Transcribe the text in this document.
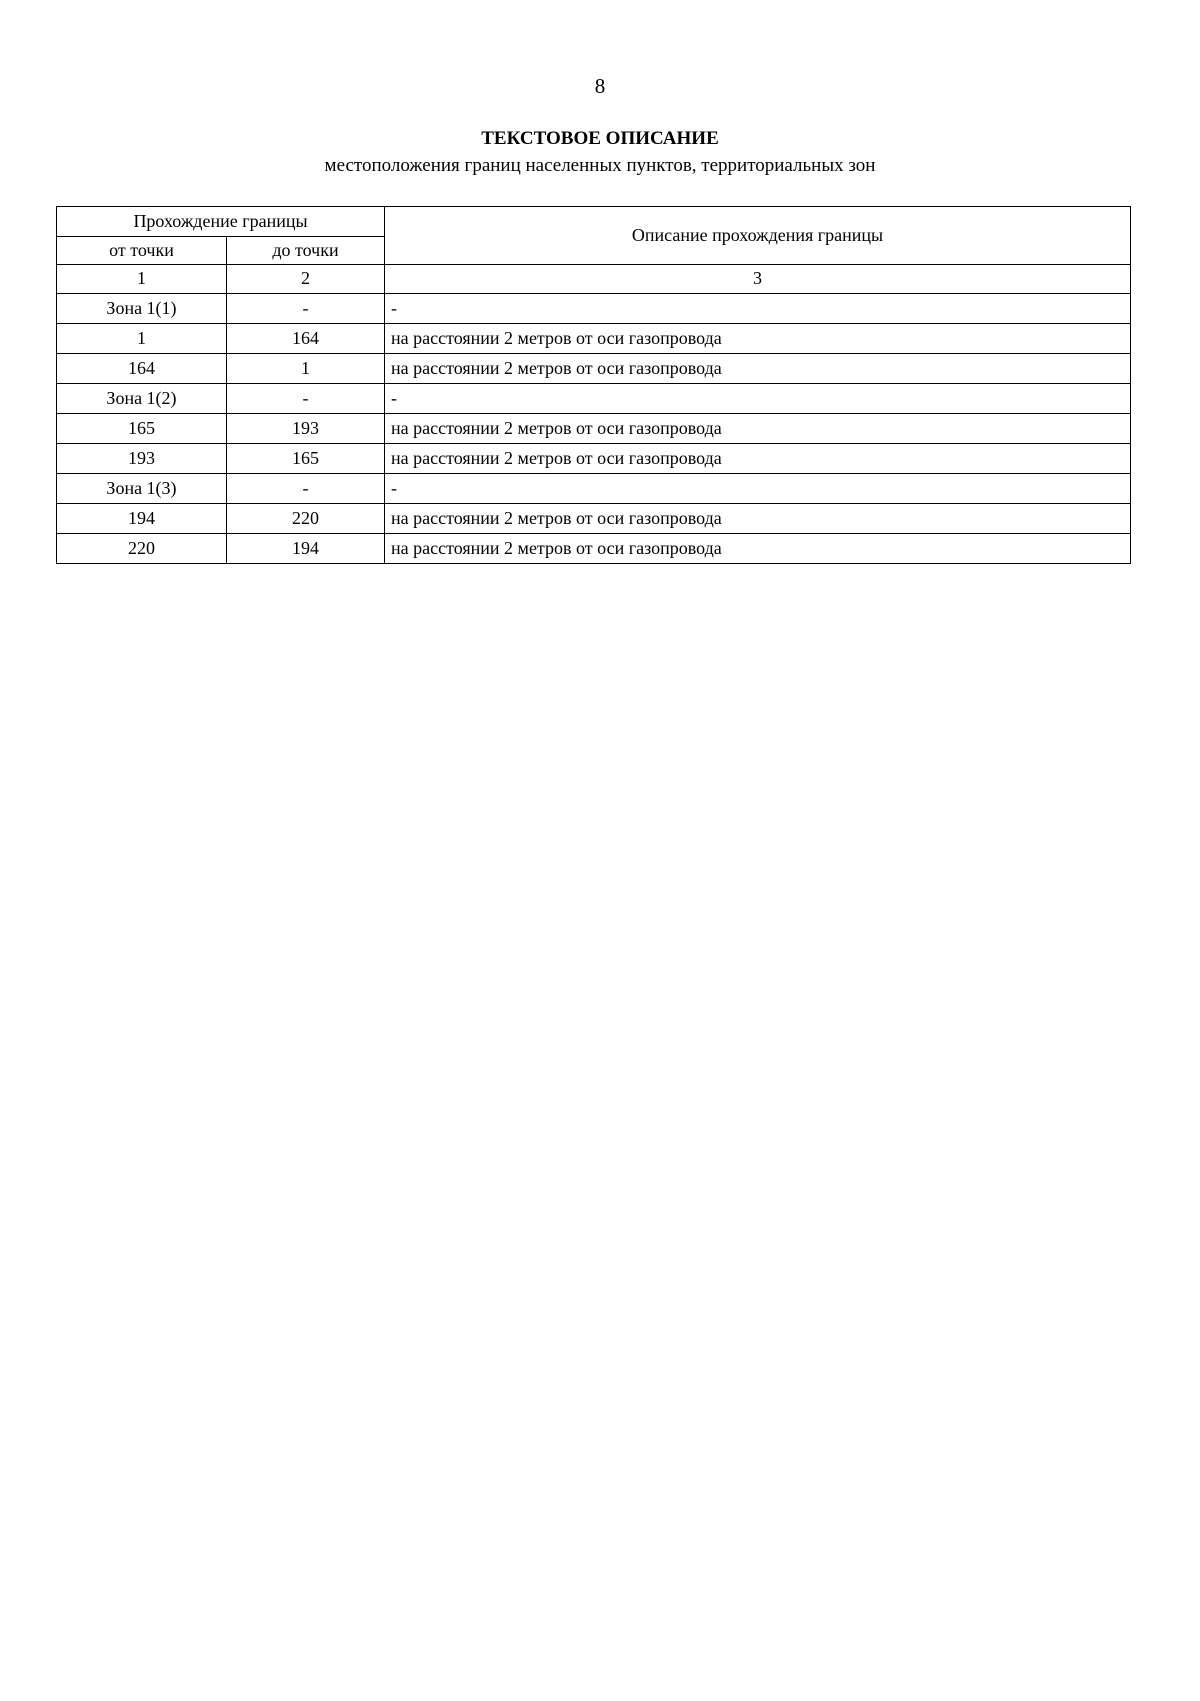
8
ТЕКСТОВОЕ ОПИСАНИЕ
местоположения границ населенных пунктов, территориальных зон
Прохождение границы		Описание прохождения границы
от точки	до точки	
1	2	3
Зона 1(1)	-	-
1	164	на расстоянии 2 метров от оси газопровода
164	1	на расстоянии 2 метров от оси газопровода
Зона 1(2)	-	-
165	193	на расстоянии 2 метров от оси газопровода
193	165	на расстоянии 2 метров от оси газопровода
Зона 1(3)	-	-
194	220	на расстоянии 2 метров от оси газопровода
220	194	на расстоянии 2 метров от оси газопровода
